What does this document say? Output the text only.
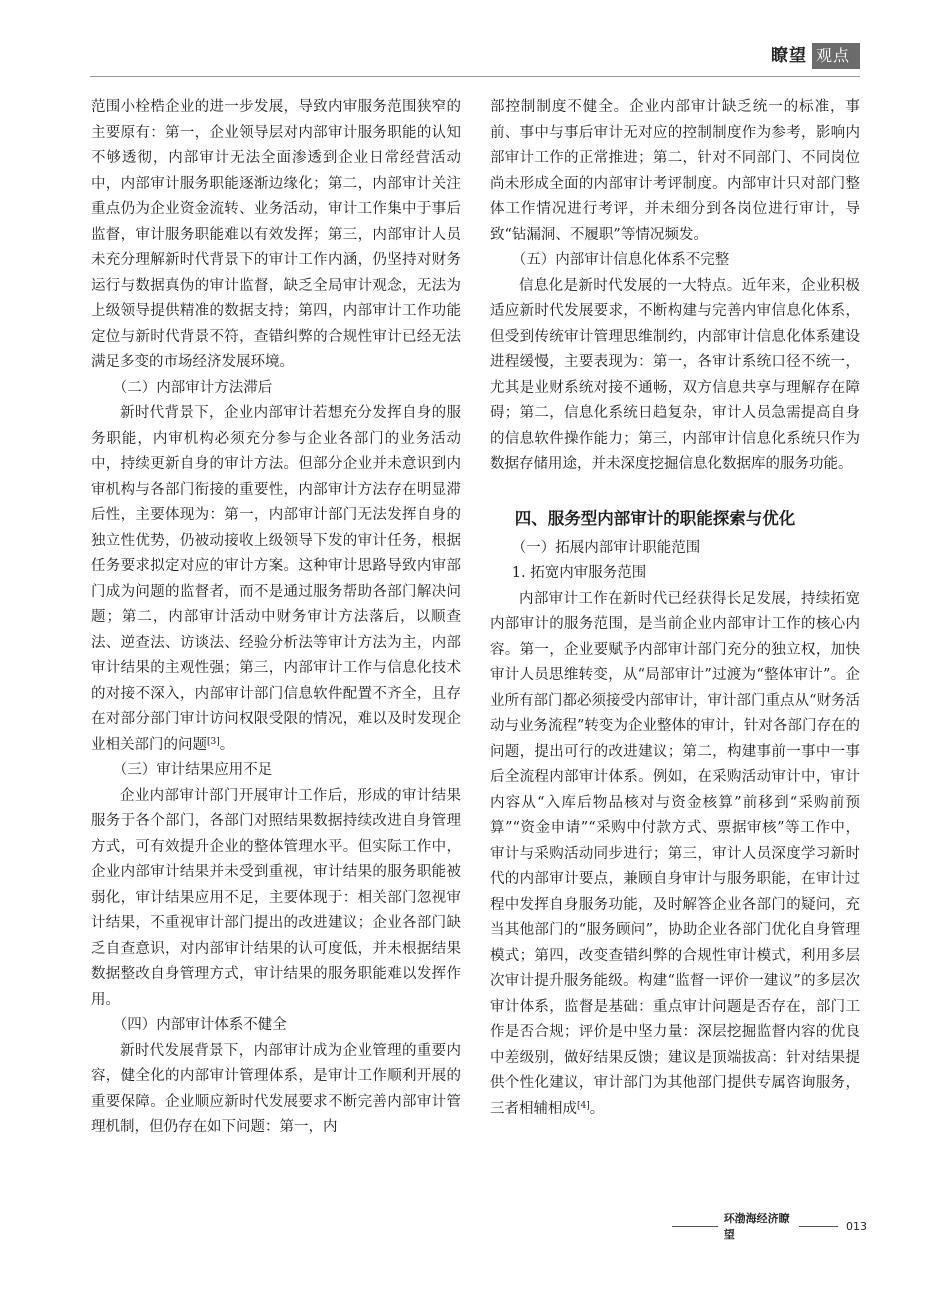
瞭望 观点

范围小栓梏企业的进一步发展，导致内审服务范围狭窄的主要原有：第一，企业领导层对内部审计服务职能的认知不够透彻，内部审计无法全面渗透到企业日常经营活动中，内部审计服务职能逐渐边缘化；第二，内部审计关注重点仍为企业资金流转、业务活动，审计工作集中于事后监督，审计服务职能难以有效发挥；第三，内部审计人员未充分理解新时代背景下的审计工作内涵，仍坚持对财务运行与数据真伪的审计监督，缺乏全局审计观念，无法为上级领导提供精准的数据支持；第四，内部审计工作功能定位与新时代背景不符，查错纠弊的合规性审计已经无法满足多变的市场经济发展环境。

（二）内部审计方法滞后

新时代背景下，企业内部审计若想充分发挥自身的服务职能，内审机构必须充分参与企业各部门的业务活动中，持续更新自身的审计方法。但部分企业并未意识到内审机构与各部门衔接的重要性，内部审计方法存在明显滞后性，主要体现为：第一，内部审计部门无法发挥自身的独立性优势，仍被动接收上级领导下发的审计任务，根据任务要求拟定对应的审计方案。这种审计思路导致内审部门成为问题的监督者，而不是通过服务帮助各部门解决问题；第二，内部审计活动中财务审计方法落后，以顺查法、逆查法、访谈法、经验分析法等审计方法为主，内部审计结果的主观性强；第三，内部审计工作与信息化技术的对接不深入，内部审计部门信息软件配置不齐全，且存在对部分部门审计访问权限受限的情况，难以及时发现企业相关部门的问题[3]。

（三）审计结果应用不足

企业内部审计部门开展审计工作后，形成的审计结果服务于各个部门，各部门对照结果数据持续改进自身管理方式，可有效提升企业的整体管理水平。但实际工作中，企业内部审计结果并未受到重视，审计结果的服务职能被弱化，审计结果应用不足，主要体现于：相关部门忽视审计结果，不重视审计部门提出的改进建议；企业各部门缺乏自查意识，对内部审计结果的认可度低，并未根据结果数据整改自身管理方式，审计结果的服务职能难以发挥作用。

（四）内部审计体系不健全

新时代发展背景下，内部审计成为企业管理的重要内容，健全化的内部审计管理体系，是审计工作顺利开展的重要保障。企业顺应新时代发展要求不断完善内部审计管理机制，但仍存在如下问题：第一，内

部控制制度不健全。企业内部审计缺乏统一的标准，事前、事中与事后审计无对应的控制制度作为参考，影响内部审计工作的正常推进；第二，针对不同部门、不同岗位尚未形成全面的内部审计考评制度。内部审计只对部门整体工作情况进行考评，并未细分到各岗位进行审计，导致“钻漏洞、不履职”等情况频发。

（五）内部审计信息化体系不完整

信息化是新时代发展的一大特点。近年来，企业积极适应新时代发展要求，不断构建与完善内审信息化体系，但受到传统审计管理思维制约，内部审计信息化体系建设进程缓慢，主要表现为：第一，各审计系统口径不统一，尤其是业财系统对接不通畅，双方信息共享与理解存在障碍；第二，信息化系统日趋复杂，审计人员急需提高自身的信息软件操作能力；第三，内部审计信息化系统只作为数据存储用途，并未深度挖掘信息化数据库的服务功能。

四、服务型内部审计的职能探索与优化

（一）拓展内部审计职能范围

1. 拓宽内审服务范围

内部审计工作在新时代已经获得长足发展，持续拓宽内部审计的服务范围，是当前企业内部审计工作的核心内容。第一，企业要赋予内部审计部门充分的独立权，加快审计人员思维转变，从“局部审计”过渡为“整体审计”。企业所有部门都必须接受内部审计，审计部门重点从“财务活动与业务流程”转变为企业整体的审计，针对各部门存在的问题，提出可行的改进建议；第二，构建事前一事中一事后全流程内部审计体系。例如，在采购活动审计中，审计内容从“入库后物品核对与资金核算”前移到“采购前预算”“资金申请”“采购中付款方式、票据审核”等工作中，审计与采购活动同步进行；第三，审计人员深度学习新时代的内部审计要点，兼顾自身审计与服务职能，在审计过程中发挥自身服务功能，及时解答企业各部门的疑问，充当其他部门的“服务顾问”，协助企业各部门优化自身管理模式；第四，改变查错纠弊的合规性审计模式，利用多层次审计提升服务能级。构建“监督一评价一建议”的多层次审计体系，监督是基础：重点审计问题是否存在，部门工作是否合规；评价是中坚力量：深层挖掘监督内容的优良中差级别，做好结果反馈；建议是顶端拔高：针对结果提供个性化建议，审计部门为其他部门提供专属咨询服务，三者相辅相成[4]。

环渤海经济瞭望
013
